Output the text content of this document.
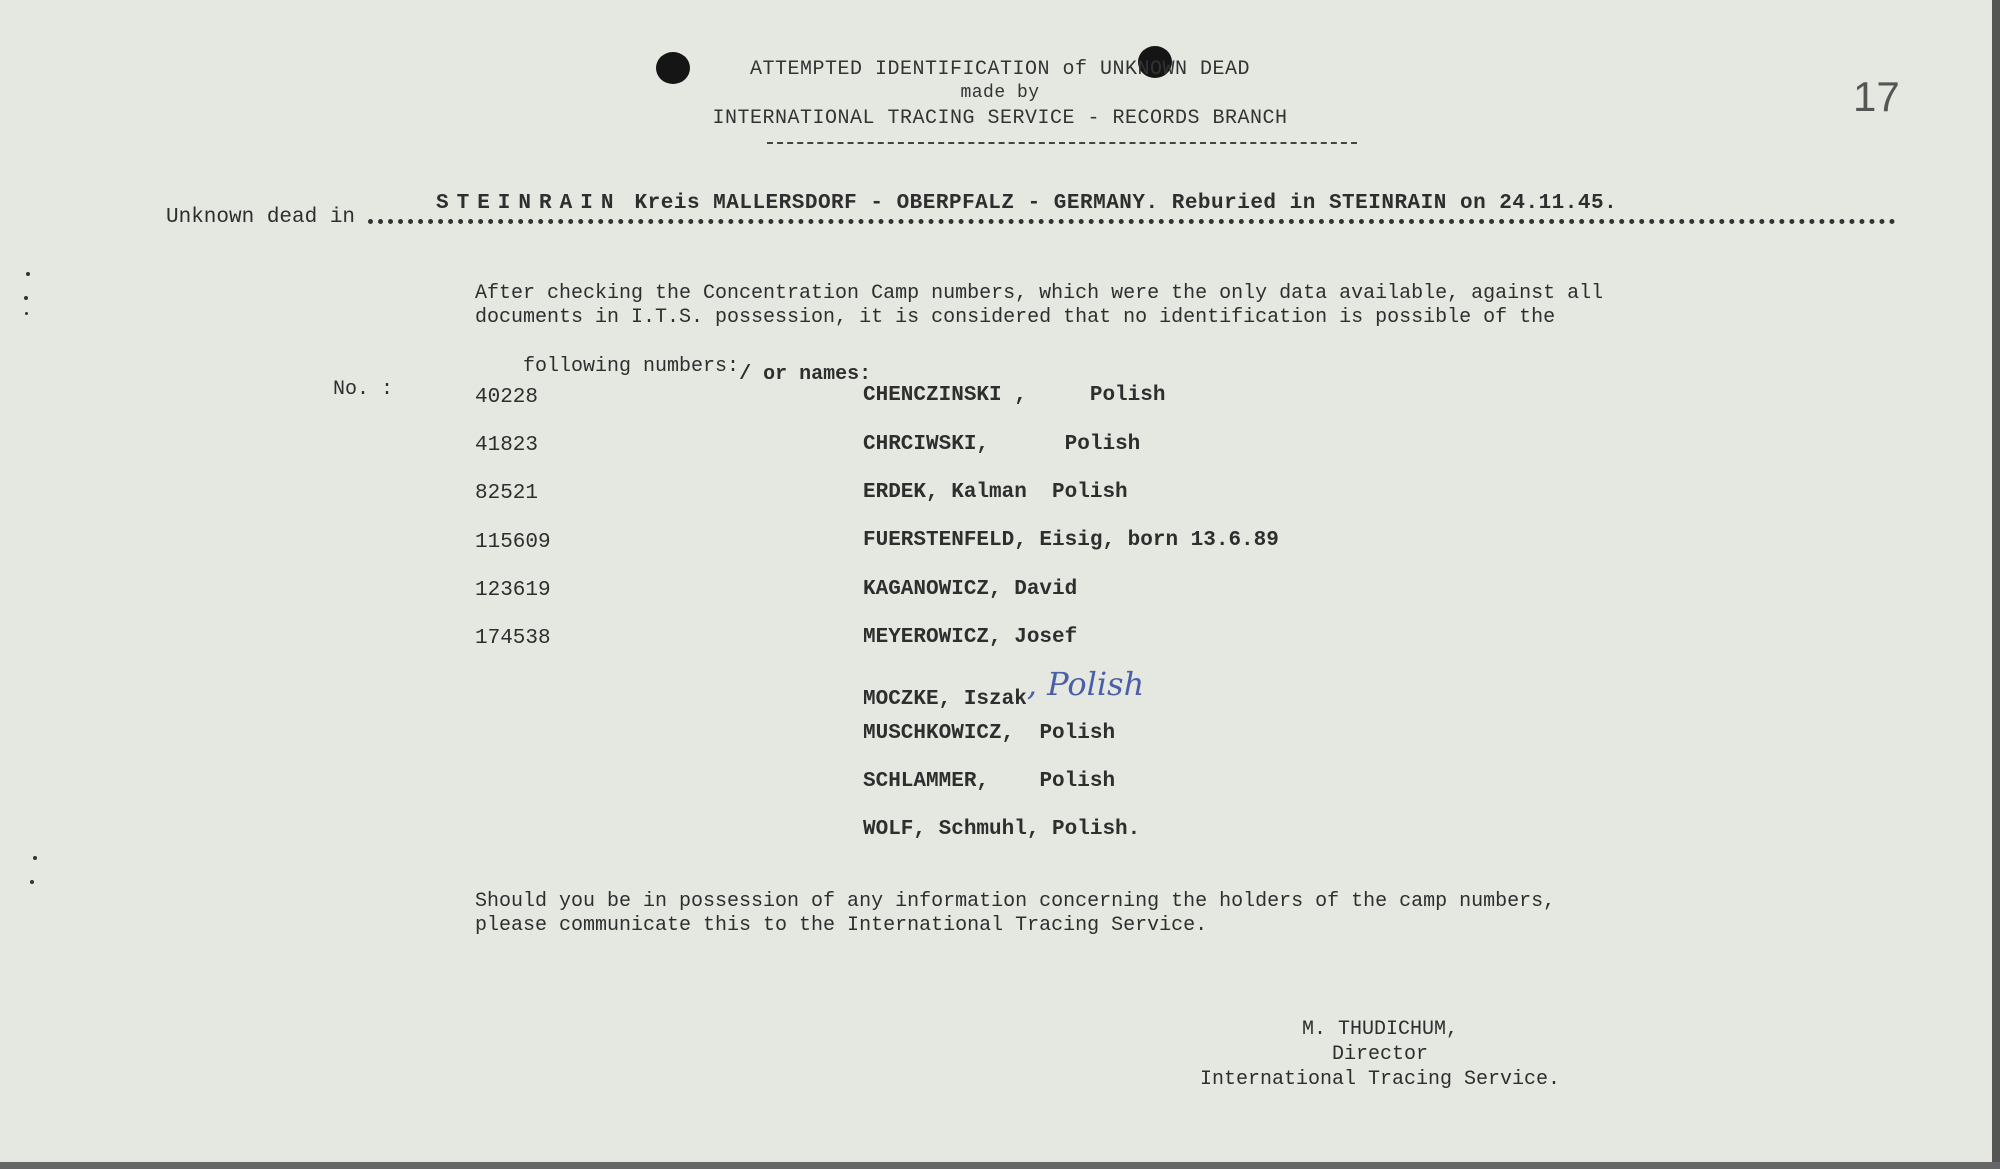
ATTEMPTED IDENTIFICATION of UNKNOWN DEAD
made by
INTERNATIONAL TRACING SERVICE - RECORDS BRANCH	17
Unknown dead in
STEINRAIN Kreis MALLERSDORF - OBERPFALZ - GERMANY. Reburied in STEINRAIN on 24.11.45.
After checking the Concentration Camp numbers, which were the only data available, against all
documents in I.T.S. possession, it is considered that no identification is possible of the

following numbers:/ or names:

No. :	40228	CHENCZINSKI ,	Polish
41823	CHRCIWSKI,	Polish
82521	ERDEK, Kalman Polish
115609	FUERSTENFELD, Eisig, born 13.6.89
123619	KAGANOWICZ, David
174538	MEYEROWICZ, Josef
MOCZKE, Iszak, Polish
MUSCHKOWICZ, Polish
SCHLAMMER, Polish
WOLF, Schmuhl, Polish.
Should you be in possession of any information concerning the holders of the camp numbers,
please communicate this to the International Tracing Service.
M. THUDICHUM,
Director
International Tracing Service.
